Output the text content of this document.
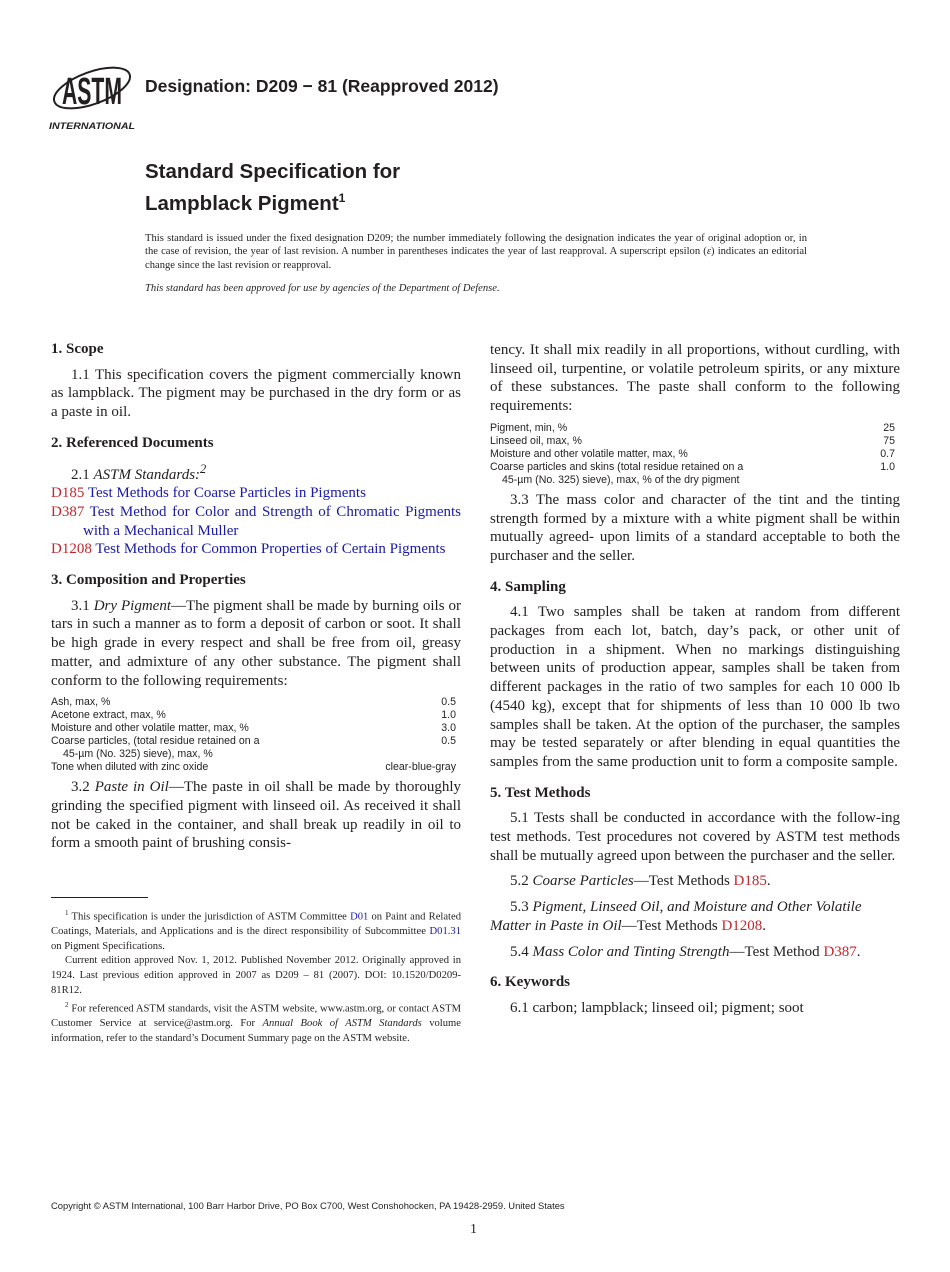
ASTM
INTERNATIONAL
Designation: D209 − 81 (Reapproved 2012)
Standard Specification for
Lampblack Pigment$^1$

This standard is issued under the fixed designation D209; the number immediately following the designation indicates the year of original adoption or, in the case of revision, the year of last revision. A number in parentheses indicates the year of last reapproval. A superscript epsilon (ε) indicates an editorial change since the last revision or reapproval.

This standard has been approved for use by agencies of the Department of Defense.

1. Scope

1.1 This specification covers the pigment commercially known as lampblack. The pigment may be purchased in the dry form or as a paste in oil.

2. Referenced Documents

2.1 ASTM Standards:$^2$

D185 Test Methods for Coarse Particles in Pigments

D387 Test Method for Color and Strength of Chromatic Pigments with a Mechanical Muller

D1208 Test Methods for Common Properties of Certain Pigments

3. Composition and Properties

3.1 Dry Pigment—The pigment shall be made by burning oils or tars in such a manner as to form a deposit of carbon or soot. It shall be high grade in every respect and shall be free from oil, greasy matter, and admixture of any other substance. The pigment shall conform to the following requirements:

Ash, max, %	0.5
Acetone extract, max, %	1.0
Moisture and other volatile matter, max, %	3.0
Coarse particles, (total residue retained on a	0.5
45-µm (No. 325) sieve), max, %	
Tone when diluted with zinc oxide	clear-blue-gray

3.2 Paste in Oil—The paste in oil shall be made by thoroughly grinding the specified pigment with linseed oil. As received it shall not be caked in the container, and shall break up readily in oil to form a smooth paint of brushing consis-

tency. It shall mix readily in all proportions, without curdling, with linseed oil, turpentine, or volatile petroleum spirits, or any mixture of these substances. The paste shall conform to the following requirements:

Pigment, min, %	25
Linseed oil, max, %	75
Moisture and other volatile matter, max, %	0.7
Coarse particles and skins (total residue retained on a	1.0
45-µm (No. 325) sieve), max, % of the dry pigment	

3.3 The mass color and character of the tint and the tinting strength formed by a mixture with a white pigment shall be within mutually agreed- upon limits of a standard acceptable to both the purchaser and the seller.

4. Sampling

4.1 Two samples shall be taken at random from different packages from each lot, batch, day’s pack, or other unit of production in a shipment. When no markings distinguishing between units of production appear, samples shall be taken from different packages in the ratio of two samples for each 10 000 lb (4540 kg), except that for shipments of less than 10 000 lb two samples shall be taken. At the option of the purchaser, the samples may be tested separately or after blending in equal quantities the samples from the same production unit to form a composite sample.

5. Test Methods

5.1 Tests shall be conducted in accordance with the follow-ing test methods. Test procedures not covered by ASTM test methods shall be mutually agreed upon between the purchaser and the seller.

5.2 Coarse Particles—Test Methods D185.

5.3 Pigment, Linseed Oil, and Moisture and Other Volatile Matter in Paste in Oil—Test Methods D1208.

5.4 Mass Color and Tinting Strength—Test Method D387.

6. Keywords

6.1 carbon; lampblack; linseed oil; pigment; soot

$^1$ This specification is under the jurisdiction of ASTM Committee D01 on Paint and Related Coatings, Materials, and Applications and is the direct responsibility of Subcommittee D01.31 on Pigment Specifications.

Current edition approved Nov. 1, 2012. Published November 2012. Originally approved in 1924. Last previous edition approved in 2007 as D209 – 81 (2007). DOI: 10.1520/D0209-81R12.

$^2$ For referenced ASTM standards, visit the ASTM website, www.astm.org, or contact ASTM Customer Service at service@astm.org. For Annual Book of ASTM Standards volume information, refer to the standard’s Document Summary page on the ASTM website.

Copyright © ASTM International, 100 Barr Harbor Drive, PO Box C700, West Conshohocken, PA 19428-2959. United States
1
